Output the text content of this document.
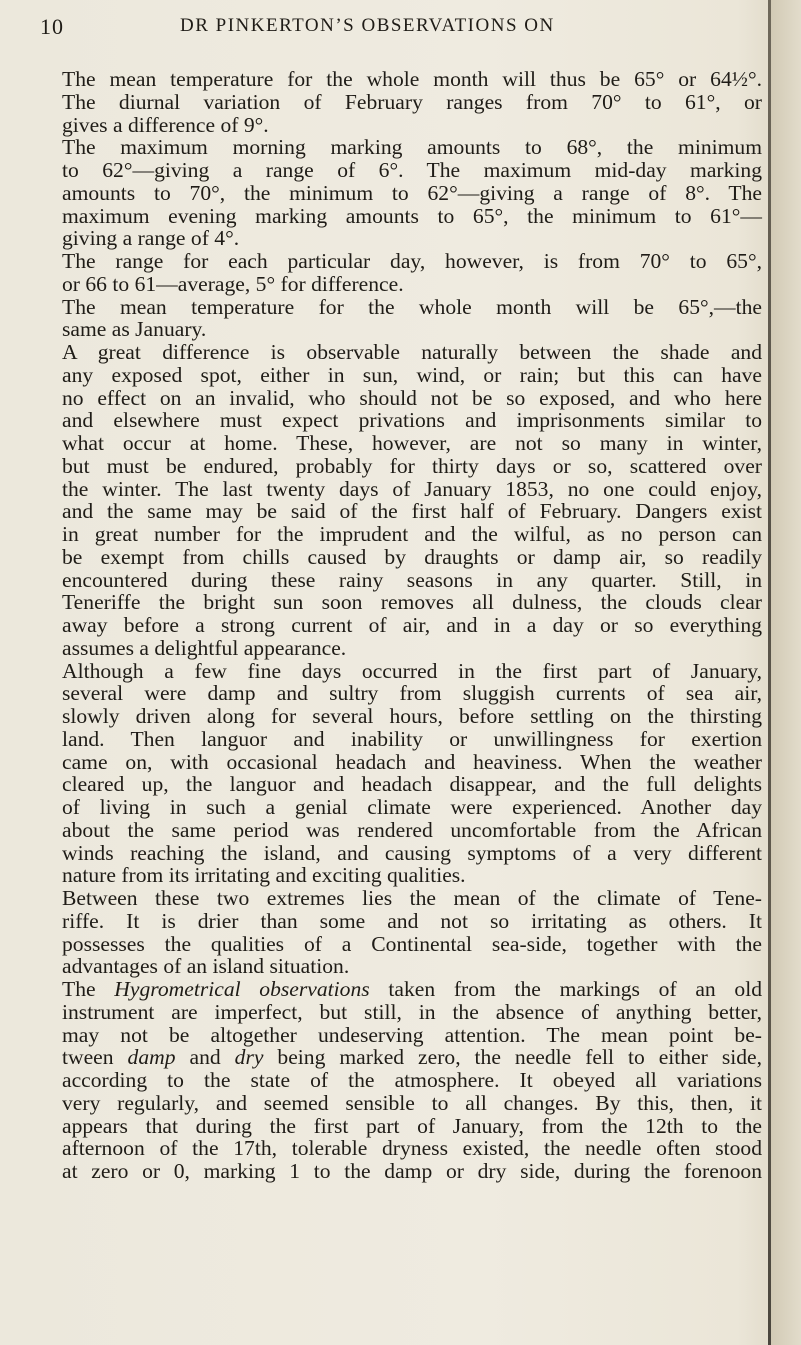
10	DR PINKERTON’S OBSERVATIONS ON
The mean temperature for the whole month will thus be 65° or 64½°.
The diurnal variation of February ranges from 70° to 61°, or
gives a difference of 9°.
The maximum morning marking amounts to 68°, the minimum
to 62°—giving a range of 6°. The maximum mid-day marking
amounts to 70°, the minimum to 62°—giving a range of 8°. The
maximum evening marking amounts to 65°, the minimum to 61°—
giving a range of 4°.
The range for each particular day, however, is from 70° to 65°,
or 66 to 61—average, 5° for difference.
The mean temperature for the whole month will be 65°,—the
same as January.
A great difference is observable naturally between the shade and
any exposed spot, either in sun, wind, or rain; but this can have
no effect on an invalid, who should not be so exposed, and who here
and elsewhere must expect privations and imprisonments similar to
what occur at home. These, however, are not so many in winter,
but must be endured, probably for thirty days or so, scattered over
the winter. The last twenty days of January 1853, no one could enjoy,
and the same may be said of the first half of February. Dangers exist
in great number for the imprudent and the wilful, as no person can
be exempt from chills caused by draughts or damp air, so readily
encountered during these rainy seasons in any quarter. Still, in
Teneriffe the bright sun soon removes all dulness, the clouds clear
away before a strong current of air, and in a day or so everything
assumes a delightful appearance.
Although a few fine days occurred in the first part of January,
several were damp and sultry from sluggish currents of sea air,
slowly driven along for several hours, before settling on the thirsting
land. Then languor and inability or unwillingness for exertion
came on, with occasional headach and heaviness. When the weather
cleared up, the languor and headach disappear, and the full delights
of living in such a genial climate were experienced. Another day
about the same period was rendered uncomfortable from the African
winds reaching the island, and causing symptoms of a very different
nature from its irritating and exciting qualities.
Between these two extremes lies the mean of the climate of Tene-
riffe. It is drier than some and not so irritating as others. It
possesses the qualities of a Continental sea-side, together with the
advantages of an island situation.
The Hygrometrical observations taken from the markings of an old
instrument are imperfect, but still, in the absence of anything better,
may not be altogether undeserving attention. The mean point be-
tween damp and dry being marked zero, the needle fell to either side,
according to the state of the atmosphere. It obeyed all variations
very regularly, and seemed sensible to all changes. By this, then, it
appears that during the first part of January, from the 12th to the
afternoon of the 17th, tolerable dryness existed, the needle often stood
at zero or 0, marking 1 to the damp or dry side, during the forenoon
